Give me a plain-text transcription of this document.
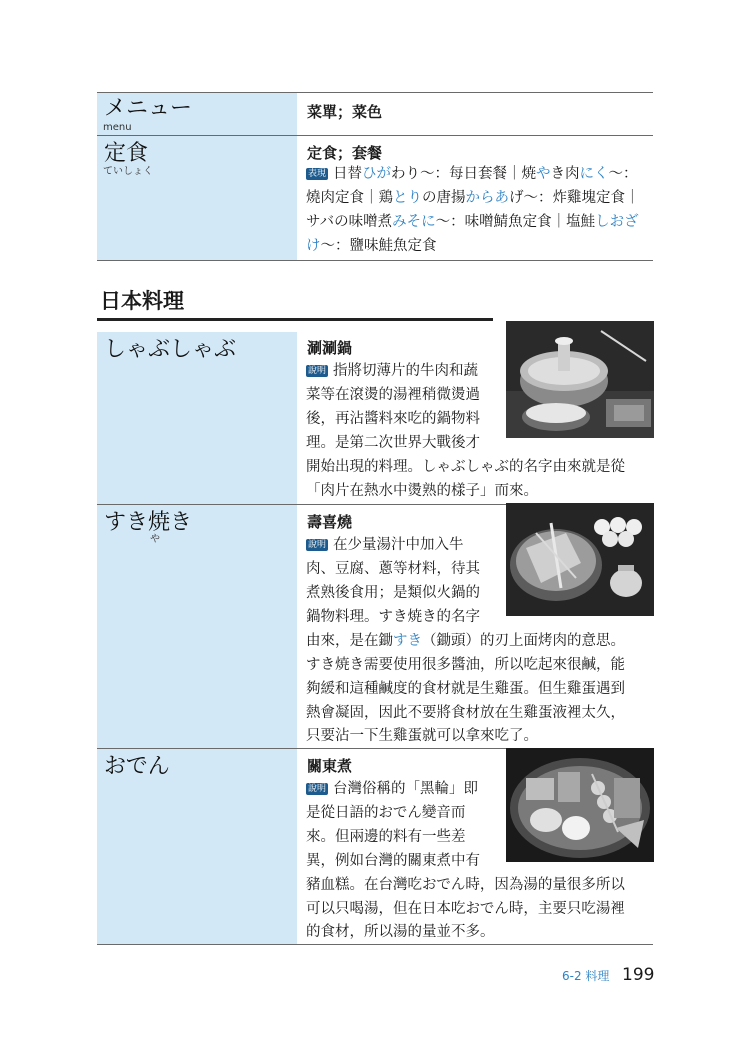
メニュー
menu
菜單；菜色
定食
ていしょく
定食；套餐
表現 日替ひがわり～：每日套餐｜焼やき肉にく～：
燒肉定食｜鶏とりの唐揚からあげ～：炸雞塊定食｜
サバの味噌煮みそに～：味噌鯖魚定食｜塩鮭しおざ
け～：鹽味鮭魚定食
日本料理
しゃぶしゃぶ	涮涮鍋
說明 指將切薄片的牛肉和蔬
菜等在滾燙的湯裡稍微燙過
後，再沾醬料來吃的鍋物料
理。是第二次世界大戰後才
開始出現的料理。しゃぶしゃぶ的名字由來就是從
「肉片在熱水中燙熟的樣子」而來。
すき焼き
や
壽喜燒
說明 在少量湯汁中加入牛
肉、豆腐、蔥等材料，待其
煮熟後食用；是類似火鍋的
鍋物料理。すき焼き的名字
由來，是在鋤すき（鋤頭）的刃上面烤肉的意思。
すき焼き需要使用很多醬油，所以吃起來很鹹，能
夠緩和這種鹹度的食材就是生雞蛋。但生雞蛋遇到
熱會凝固，因此不要將食材放在生雞蛋液裡太久，
只要沾一下生雞蛋就可以拿來吃了。
おでん	關東煮
說明 台灣俗稱的「黑輪」即
是從日語的おでん變音而
來。但兩邊的料有一些差
異，例如台灣的關東煮中有
豬血糕。在台灣吃おでん時，因為湯的量很多所以
可以只喝湯，但在日本吃おでん時，主要只吃湯裡
的食材，所以湯的量並不多。
6-2 料理 199
